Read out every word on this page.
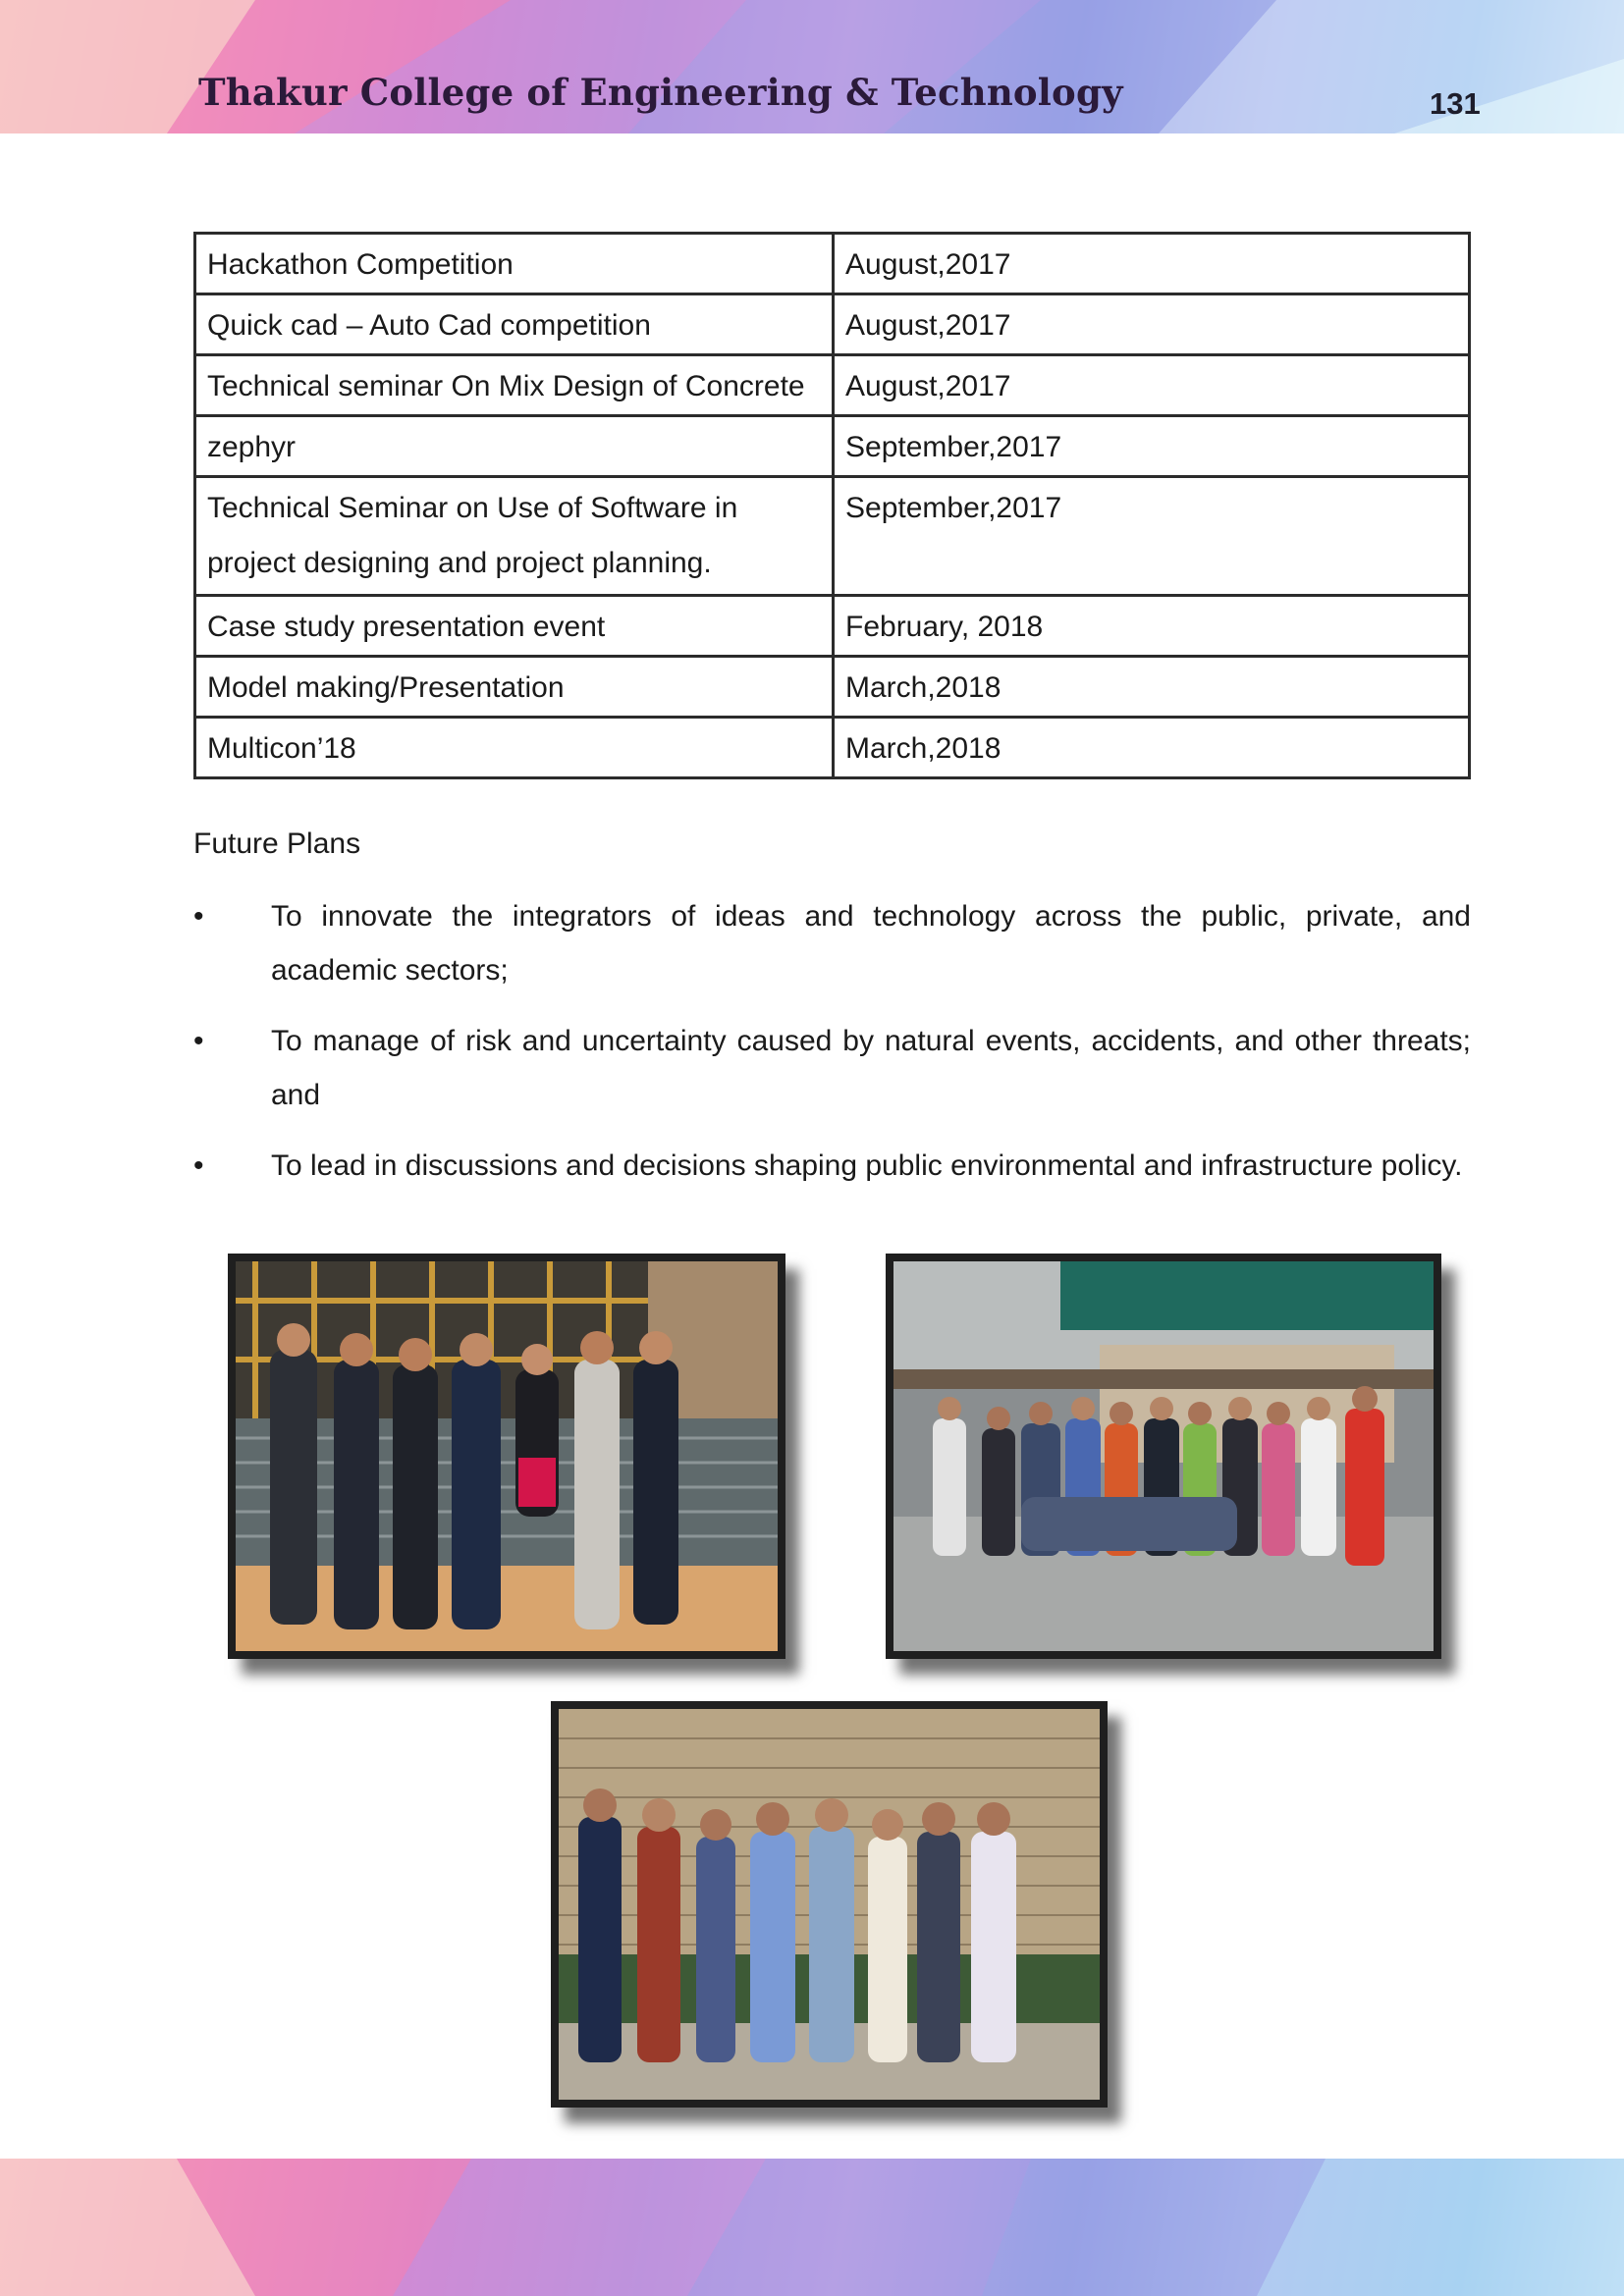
Thakur College of Engineering & Technology	131
Hackathon Competition	August,2017
Quick cad – Auto Cad competition	August,2017
Technical seminar On Mix Design of Concrete	August,2017
zephyr	September,2017
Technical Seminar on Use of Software in project designing and project planning.	September,2017
Case study presentation event	February, 2018
Model making/Presentation	March,2018
Multicon’18	March,2018
Future Plans
•	To innovate the integrators of ideas and technology across the public, private, and academic sectors;
•	To manage of risk and uncertainty caused by natural events, accidents, and other threats; and
•	To lead in discussions and decisions shaping public environmental and infrastructure policy.
